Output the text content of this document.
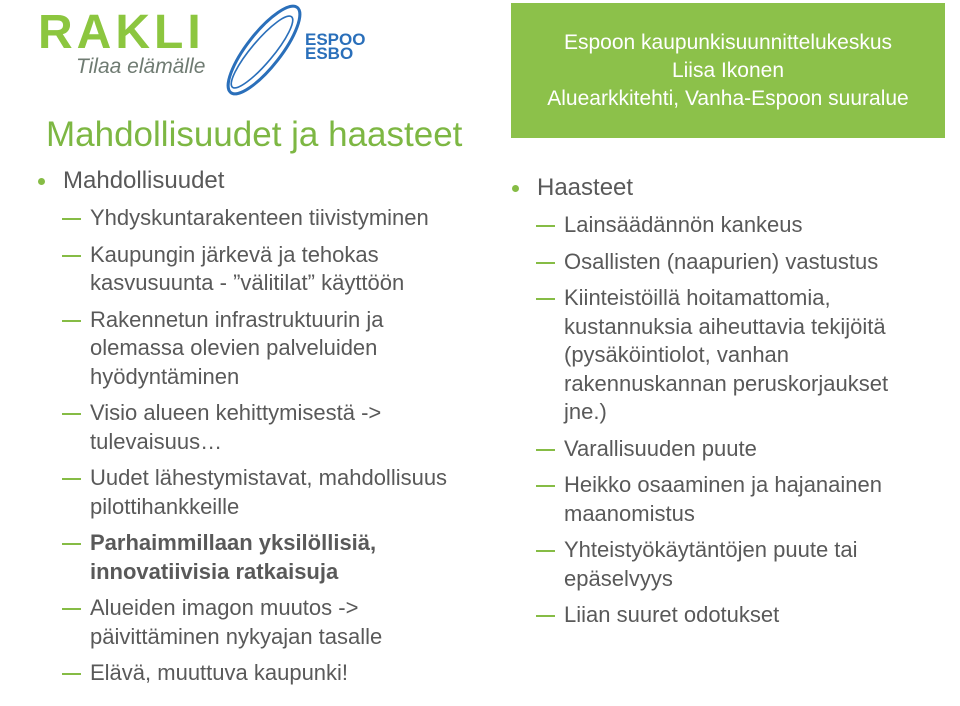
RAKLI
Tilaa elämälle
ESPOO
ESBO	Espoon kaupunkisuunnittelukeskus
Liisa Ikonen
Aluearkkitehti, Vanha-Espoon suuralue
Mahdollisuudet ja haasteet
Mahdollisuudet
Yhdyskuntarakenteen tiivistyminen
Kaupungin järkevä ja tehokas
kasvusuunta - ”välitilat” käyttöön
Rakennetun infrastruktuurin ja
olemassa olevien palveluiden
hyödyntäminen
Visio alueen kehittymisestä ->
tulevaisuus…
Uudet lähestymistavat, mahdollisuus
pilottihankkeille
Parhaimmillaan yksilöllisiä,
innovatiivisia ratkaisuja
Alueiden imagon muutos ->
päivittäminen nykyajan tasalle
Elävä, muuttuva kaupunki!
Haasteet
Lainsäädännön kankeus
Osallisten (naapurien) vastustus
Kiinteistöillä hoitamattomia,
kustannuksia aiheuttavia tekijöitä
(pysäköintiolot, vanhan
rakennuskannan peruskorjaukset
jne.)
Varallisuuden puute
Heikko osaaminen ja hajanainen
maanomistus
Yhteistyökäytäntöjen puute tai
epäselvyys
Liian suuret odotukset
